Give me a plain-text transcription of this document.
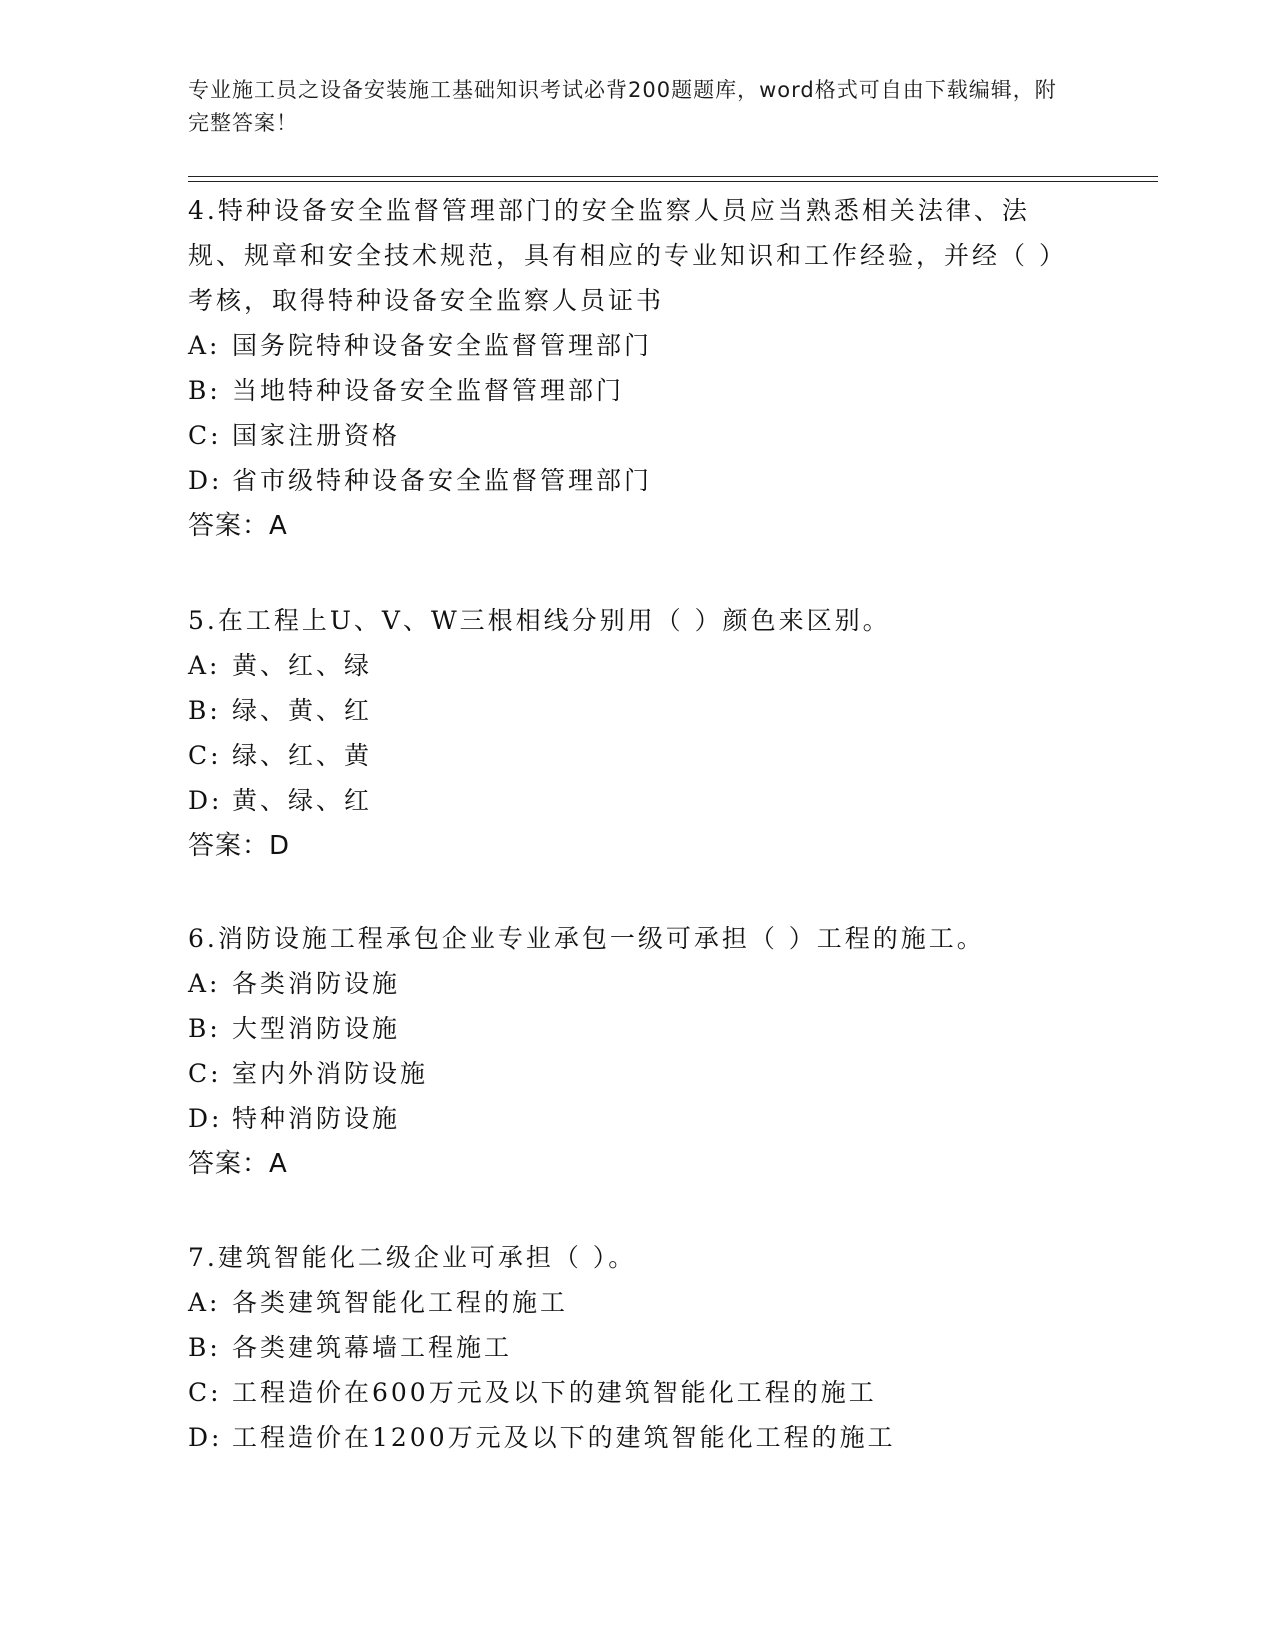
专业施工员之设备安装施工基础知识考试必背200题题库，word格式可自由下载编辑，附完整答案！

4.特种设备安全监督管理部门的安全监察人员应当熟悉相关法律、法规、规章和安全技术规范，具有相应的专业知识和工作经验，并经（ ）考核，取得特种设备安全监察人员证书

A: 国务院特种设备安全监督管理部门

B: 当地特种设备安全监督管理部门

C: 国家注册资格

D: 省市级特种设备安全监督管理部门

答案：A

5.在工程上U、V、W三根相线分别用（ ）颜色来区别。

A: 黄、红、绿

B: 绿、黄、红

C: 绿、红、黄

D: 黄、绿、红

答案：D

6.消防设施工程承包企业专业承包一级可承担（ ）工程的施工。

A: 各类消防设施

B: 大型消防设施

C: 室内外消防设施

D: 特种消防设施

答案：A

7.建筑智能化二级企业可承担（ ）。

A: 各类建筑智能化工程的施工

B: 各类建筑幕墙工程施工

C: 工程造价在600万元及以下的建筑智能化工程的施工

D: 工程造价在1200万元及以下的建筑智能化工程的施工
